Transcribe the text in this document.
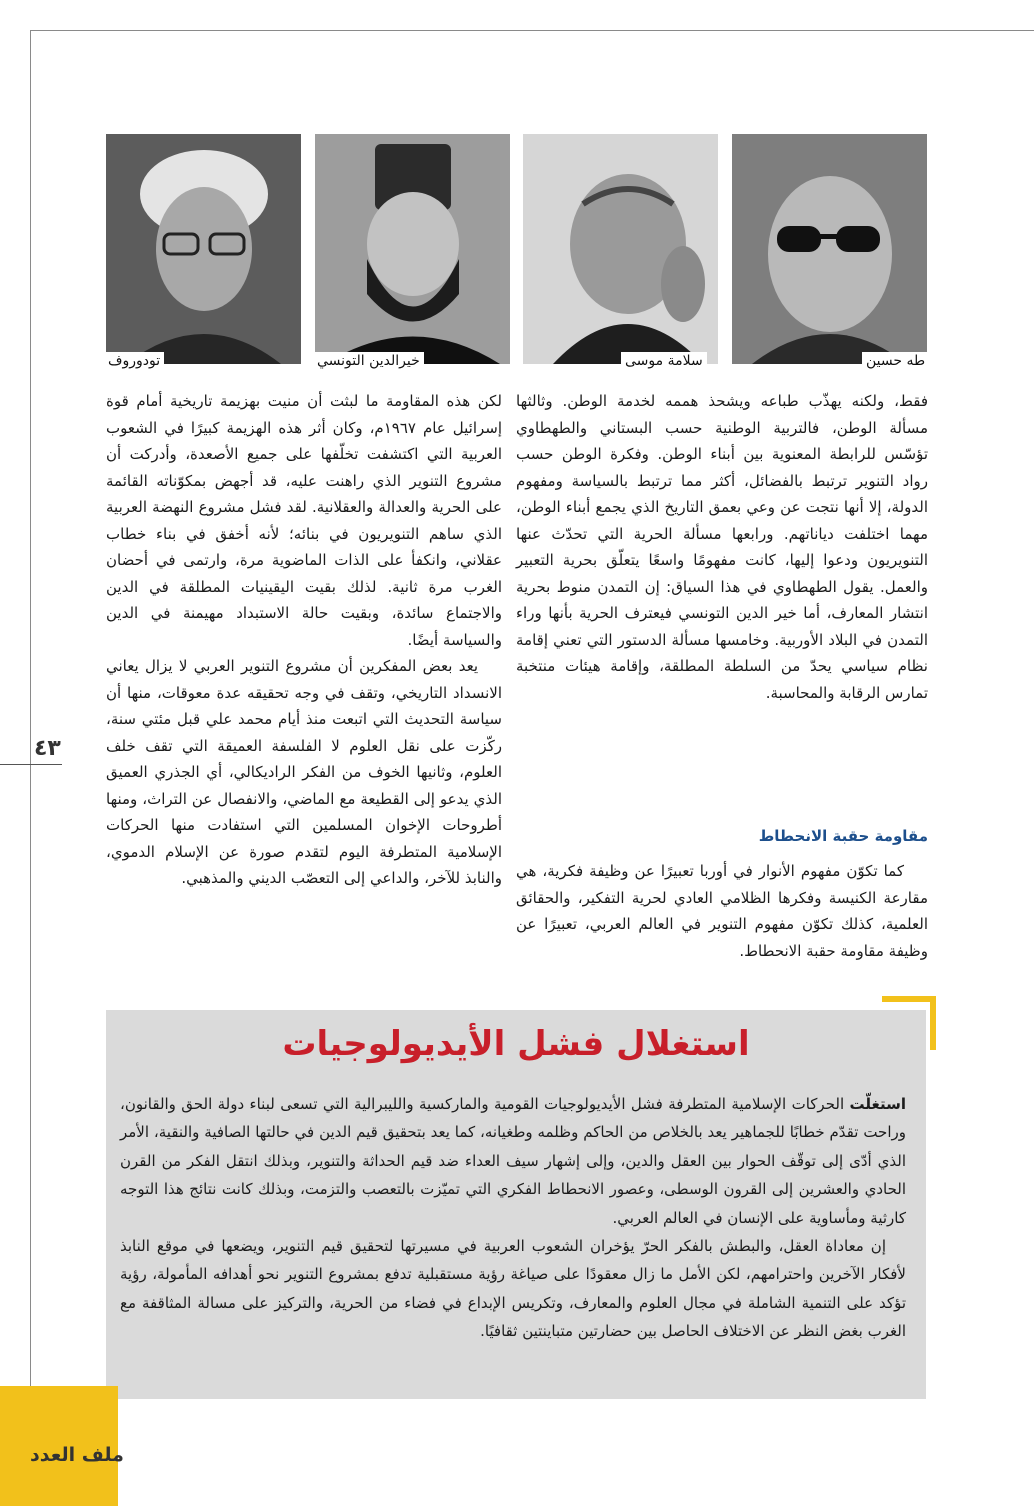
طه حسين
سلامة موسى
خيرالدين التونسي
تودوروف

فقط، ولكنه يهذّب طباعه ويشحذ هممه لخدمة الوطن. وثالثها مسألة الوطن، فالتربية الوطنية حسب البستاني والطهطاوي تؤسّس للرابطة المعنوية بين أبناء الوطن. وفكرة الوطن حسب رواد التنوير ترتبط بالفضائل، أكثر مما ترتبط بالسياسة ومفهوم الدولة، إلا أنها نتجت عن وعي بعمق التاريخ الذي يجمع أبناء الوطن، مهما اختلفت دياناتهم. ورابعها مسألة الحرية التي تحدّث عنها التنويريون ودعوا إليها، كانت مفهومًا واسعًا يتعلّق بحرية التعبير والعمل. يقول الطهطاوي في هذا السياق: إن التمدن منوط بحرية انتشار المعارف، أما خير الدين التونسي فيعترف الحرية بأنها وراء التمدن في البلاد الأوربية. وخامسها مسألة الدستور التي تعني إقامة نظام سياسي يحدّ من السلطة المطلقة، وإقامة هيئات منتخبة تمارس الرقابة والمحاسبة.

مقاومة حقبة الانحطاط

كما تكوّن مفهوم الأنوار في أوربا تعبيرًا عن وظيفة فكرية، هي مقارعة الكنيسة وفكرها الظلامي العادي لحرية التفكير، والحقائق العلمية، كذلك تكوّن مفهوم التنوير في العالم العربي، تعبيرًا عن وظيفة مقاومة حقبة الانحطاط.

لكن هذه المقاومة ما لبثت أن منيت بهزيمة تاريخية أمام قوة إسرائيل عام ١٩٦٧م، وكان أثر هذه الهزيمة كبيرًا في الشعوب العربية التي اكتشفت تخلّفها على جميع الأصعدة، وأدركت أن مشروع التنوير الذي راهنت عليه، قد أجهض بمكوّناته القائمة على الحرية والعدالة والعقلانية. لقد فشل مشروع النهضة العربية الذي ساهم التنويريون في بنائه؛ لأنه أخفق في بناء خطاب عقلاني، وانكفأ على الذات الماضوية مرة، وارتمى في أحضان الغرب مرة ثانية. لذلك بقيت اليقينيات المطلقة في الدين والاجتماع سائدة، وبقيت حالة الاستبداد مهيمنة في الدين والسياسة أيضًا.

يعد بعض المفكرين أن مشروع التنوير العربي لا يزال يعاني الانسداد التاريخي، وتقف في وجه تحقيقه عدة معوقات، منها أن سياسة التحديث التي اتبعت منذ أيام محمد علي قبل مئتي سنة، ركّزت على نقل العلوم لا الفلسفة العميقة التي تقف خلف العلوم، وثانيها الخوف من الفكر الراديكالي، أي الجذري العميق الذي يدعو إلى القطيعة مع الماضي، والانفصال عن التراث، ومنها أطروحات الإخوان المسلمين التي استفادت منها الحركات الإسلامية المتطرفة اليوم لتقدم صورة عن الإسلام الدموي، والنابذ للآخر، والداعي إلى التعصّب الديني والمذهبي.

٤٣
استغلال فشل الأيديولوجيات

استغلّت الحركات الإسلامية المتطرفة فشل الأيديولوجيات القومية والماركسية والليبرالية التي تسعى لبناء دولة الحق والقانون، وراحت تقدّم خطابًا للجماهير يعد بالخلاص من الحاكم وظلمه وطغيانه، كما يعد بتحقيق قيم الدين في حالتها الصافية والنقية، الأمر الذي أدّى إلى توقّف الحوار بين العقل والدين، وإلى إشهار سيف العداء ضد قيم الحداثة والتنوير، وبذلك انتقل الفكر من القرن الحادي والعشرين إلى القرون الوسطى، وعصور الانحطاط الفكري التي تميّزت بالتعصب والتزمت، وبذلك كانت نتائج هذا التوجه كارثية ومأساوية على الإنسان في العالم العربي.

إن معاداة العقل، والبطش بالفكر الحرّ يؤخران الشعوب العربية في مسيرتها لتحقيق قيم التنوير، ويضعها في موقع النابذ لأفكار الآخرين واحترامهم، لكن الأمل ما زال معقودًا على صياغة رؤية مستقبلية تدفع بمشروع التنوير نحو أهدافه المأمولة، رؤية تؤكد على التنمية الشاملة في مجال العلوم والمعارف، وتكريس الإبداع في فضاء من الحرية، والتركيز على مسالة المثاقفة مع الغرب بغض النظر عن الاختلاف الحاصل بين حضارتين متباينتين ثقافيًا.

ملف العدد
